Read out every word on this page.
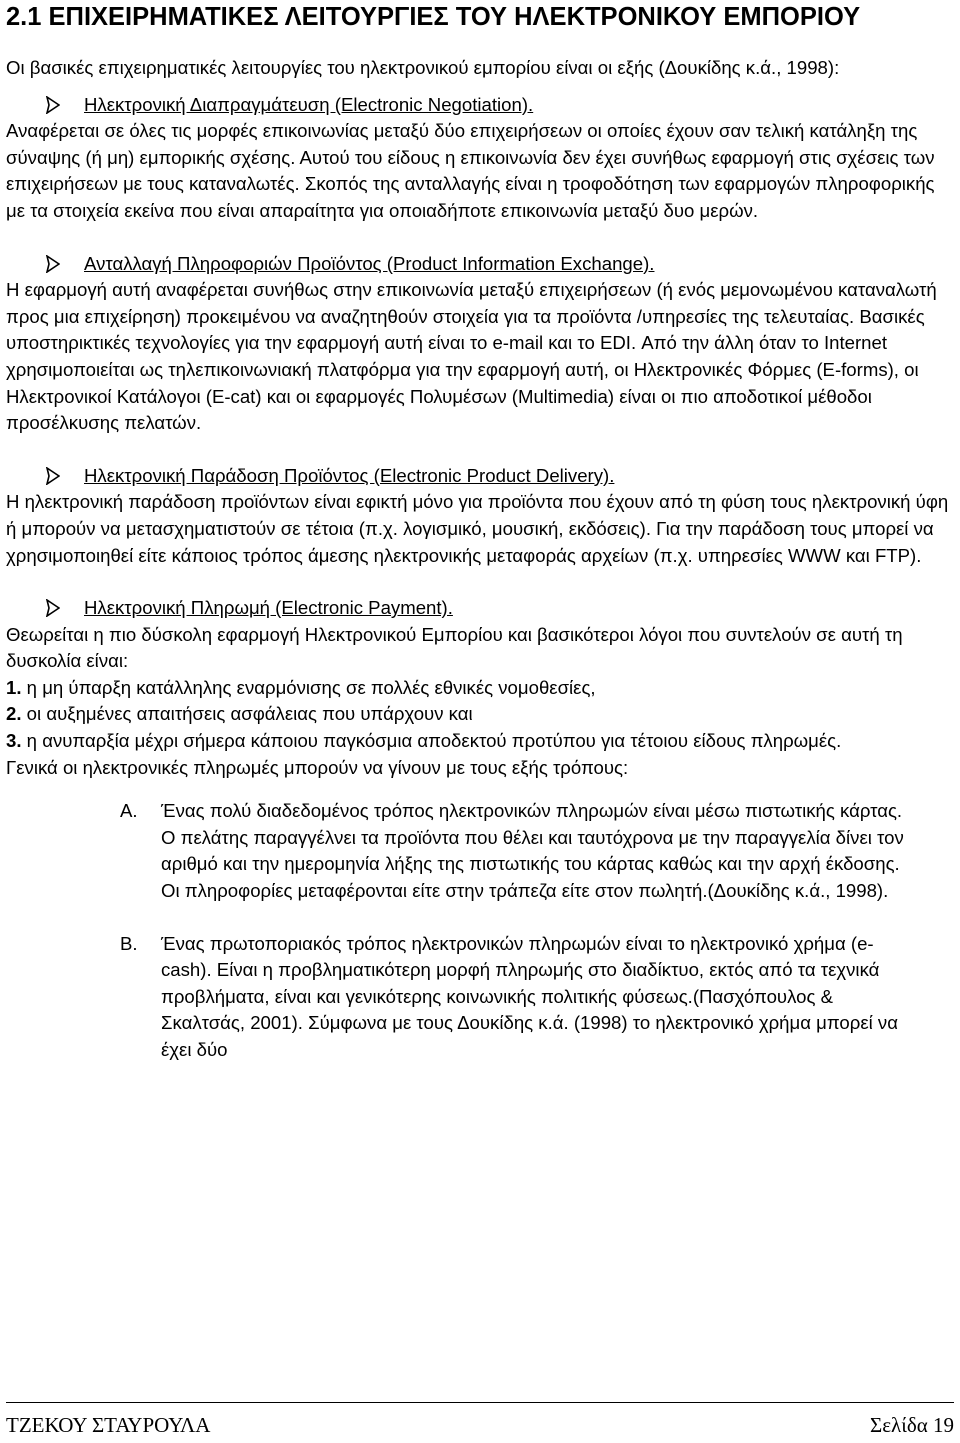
2.1 ΕΠΙΧΕΙΡΗΜΑΤΙΚΕΣ ΛΕΙΤΟΥΡΓΙΕΣ ΤΟΥ ΗΛΕΚΤΡΟΝΙΚΟΥ ΕΜΠΟΡΙΟΥ

Οι βασικές επιχειρηματικές λειτουργίες του ηλεκτρονικού εμπορίου είναι οι εξής (Δουκίδης κ.ά., 1998):

Ηλεκτρονική Διαπραγμάτευση (Electronic Negotiation).

Αναφέρεται σε όλες τις μορφές επικοινωνίας μεταξύ δύο επιχειρήσεων οι οποίες έχουν σαν τελική κατάληξη της σύναψης (ή μη) εμπορικής σχέσης. Αυτού του είδους η επικοινωνία δεν έχει συνήθως εφαρμογή στις σχέσεις των επιχειρήσεων με τους καταναλωτές. Σκοπός της ανταλλαγής είναι η τροφοδότηση των εφαρμογών πληροφορικής με τα στοιχεία εκείνα που είναι απαραίτητα για οποιαδήποτε επικοινωνία μεταξύ δυο μερών.

Ανταλλαγή Πληροφοριών Προϊόντος (Product Information Exchange).

Η εφαρμογή αυτή αναφέρεται συνήθως στην επικοινωνία μεταξύ επιχειρήσεων (ή ενός μεμονωμένου καταναλωτή προς μια επιχείρηση) προκειμένου να αναζητηθούν στοιχεία για τα προϊόντα /υπηρεσίες της τελευταίας. Βασικές υποστηρικτικές τεχνολογίες για την εφαρμογή αυτή είναι το e-mail και το EDI. Από την άλλη όταν το Internet χρησιμοποιείται ως τηλεπικοινωνιακή πλατφόρμα για την εφαρμογή αυτή, οι Ηλεκτρονικές Φόρμες (E-forms), οι Ηλεκτρονικοί Κατάλογοι (E-cat) και οι εφαρμογές Πολυμέσων (Multimedia) είναι οι πιο αποδοτικοί μέθοδοι προσέλκυσης πελατών.

Ηλεκτρονική Παράδοση Προϊόντος (Electronic Product Delivery).

Η ηλεκτρονική παράδοση προϊόντων είναι εφικτή μόνο για προϊόντα που έχουν από τη φύση τους ηλεκτρονική ύφη ή μπορούν να μετασχηματιστούν σε τέτοια (π.χ. λογισμικό, μουσική, εκδόσεις). Για την παράδοση τους μπορεί να χρησιμοποιηθεί είτε κάποιος τρόπος άμεσης ηλεκτρονικής μεταφοράς αρχείων (π.χ. υπηρεσίες WWW και FTP).

Ηλεκτρονική Πληρωμή (Electronic Payment).

Θεωρείται η πιο δύσκολη εφαρμογή Ηλεκτρονικού Εμπορίου και βασικότεροι λόγοι που συντελούν σε αυτή τη δυσκολία είναι:

1. η μη ύπαρξη κατάλληλης εναρμόνισης σε πολλές εθνικές νομοθεσίες,

2. οι αυξημένες απαιτήσεις ασφάλειας που υπάρχουν και

3. η ανυπαρξία μέχρι σήμερα κάποιου παγκόσμια αποδεκτού προτύπου για τέτοιου είδους πληρωμές.

Γενικά οι ηλεκτρονικές πληρωμές μπορούν να γίνουν με τους εξής τρόπους:

A. Ένας πολύ διαδεδομένος τρόπος ηλεκτρονικών πληρωμών είναι μέσω πιστωτικής κάρτας. Ο πελάτης παραγγέλνει τα προϊόντα που θέλει και ταυτόχρονα με την παραγγελία δίνει τον αριθμό και την ημερομηνία λήξης της πιστωτικής του κάρτας καθώς και την αρχή έκδοσης. Οι πληροφορίες μεταφέρονται είτε στην τράπεζα είτε στον πωλητή.(Δουκίδης κ.ά., 1998).
B. Ένας πρωτοποριακός τρόπος ηλεκτρονικών πληρωμών είναι το ηλεκτρονικό χρήμα (e-cash). Είναι η προβληματικότερη μορφή πληρωμής στο διαδίκτυο, εκτός από τα τεχνικά προβλήματα, είναι και γενικότερης κοινωνικής πολιτικής φύσεως.(Πασχόπουλος & Σκαλτσάς, 2001). Σύμφωνα με τους Δουκίδης κ.ά. (1998) το ηλεκτρονικό χρήμα μπορεί να έχει δύο
ΤΖΕΚΟΥ ΣΤΑΥΡΟΥΛΑ	Σελίδα 19
